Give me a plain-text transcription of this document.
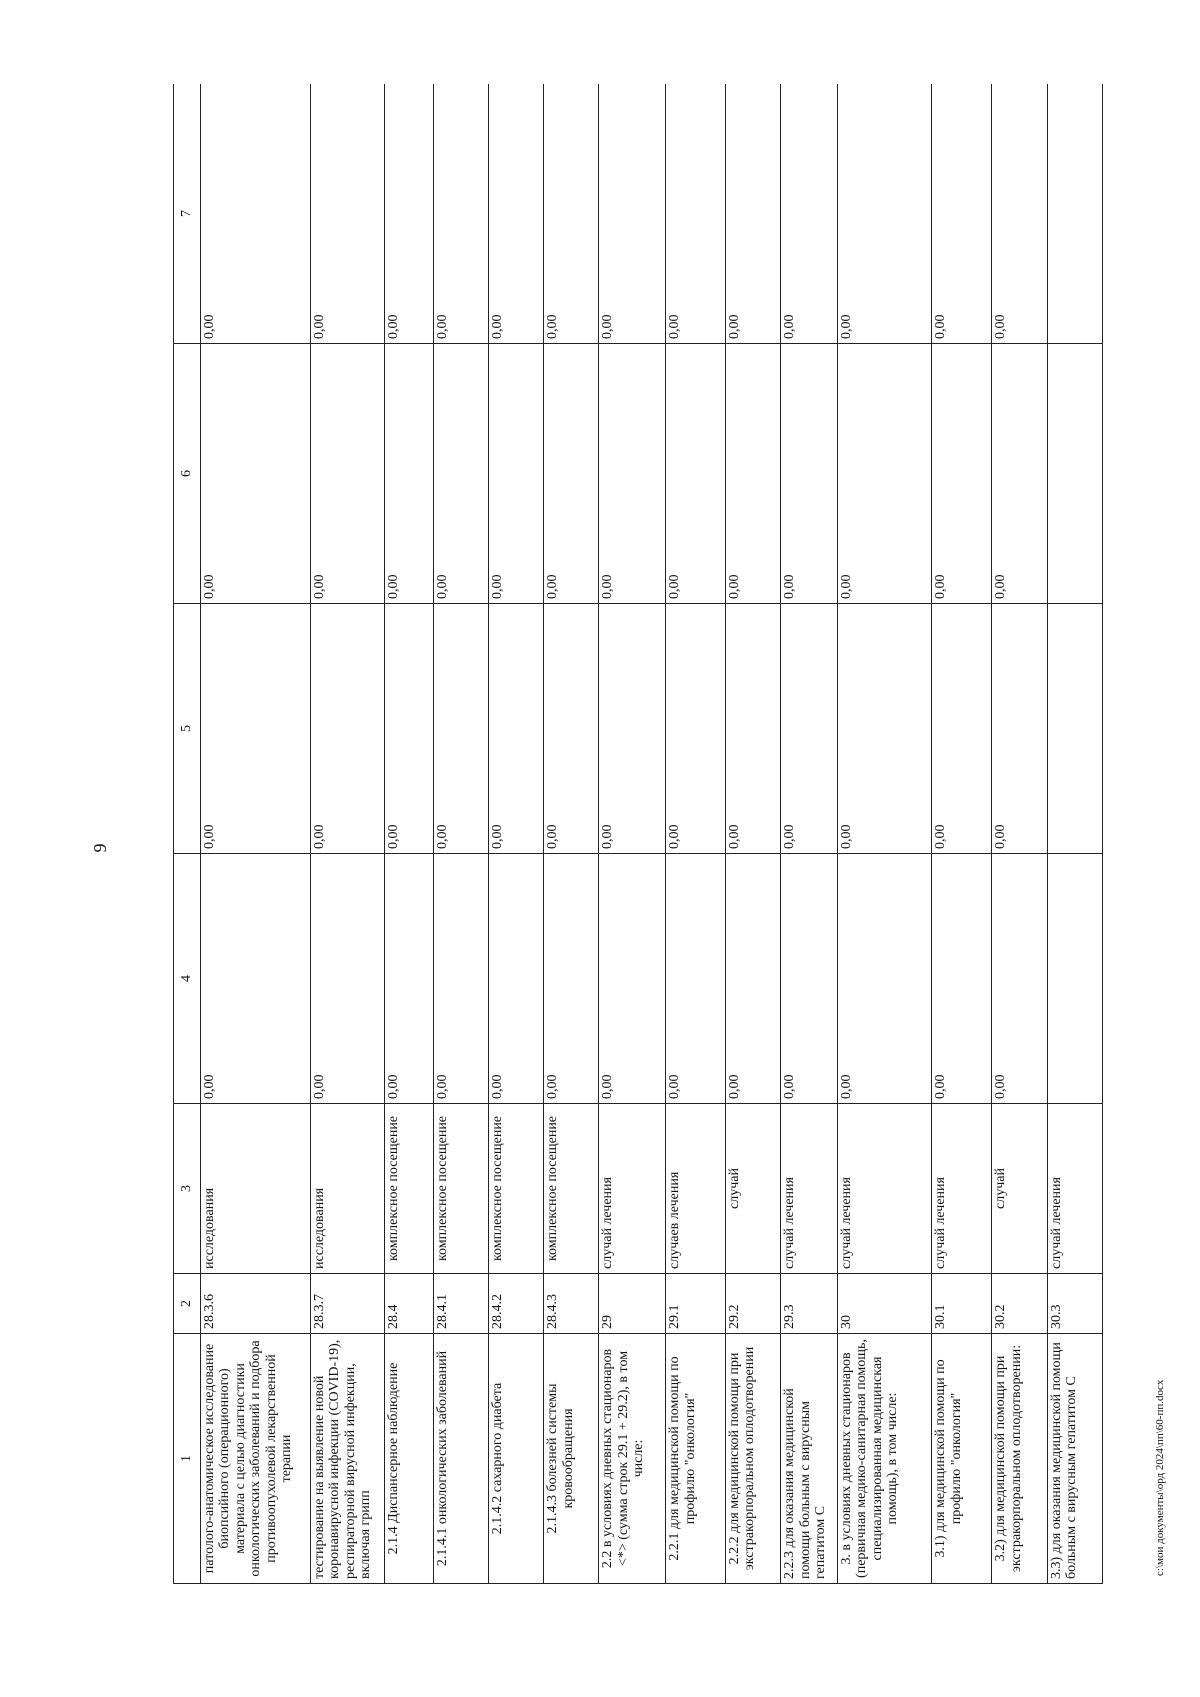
9
1	2	3	4	5	6	7
патолого-анатомическое исследование биопсийного (операционного) материала с целью диагностики онкологических заболеваний и подбора противоопухолевой лекарственной терапии	28.3.6	исследования	0,00	0,00	0,00	0,00
тестирование на выявление новой коронавирусной инфекции (COVID-19), респираторной вирусной инфекции, включая грипп	28.3.7	исследования	0,00	0,00	0,00	0,00
2.1.4 Диспансерное наблюдение	28.4	комплексное посещение	0,00	0,00	0,00	0,00
2.1.4.1 онкологических заболеваний	28.4.1	комплексное посещение	0,00	0,00	0,00	0,00
2.1.4.2 сахарного диабета	28.4.2	комплексное посещение	0,00	0,00	0,00	0,00
2.1.4.3 болезней системы кровообращения	28.4.3	комплексное посещение	0,00	0,00	0,00	0,00
2.2 в условиях дневных стационаров <*> (сумма строк 29.1 + 29.2), в том числе:	29	случай лечения	0,00	0,00	0,00	0,00
2.2.1 для медицинской помощи по профилю "онкология"	29.1	случаев лечения	0,00	0,00	0,00	0,00
2.2.2 для медицинской помощи при экстракорпоральном оплодотворении	29.2	случай	0,00	0,00	0,00	0,00
2.2.3 для оказания медицинской помощи больным с вирусным гепатитом С	29.3	случай лечения	0,00	0,00	0,00	0,00
3. в условиях дневных стационаров (первичная медико-санитарная помощь, специализированная медицинская помощь), в том числе:	30	случай лечения	0,00	0,00	0,00	0,00
3.1) для медицинской помощи по профилю "онкология"	30.1	случай лечения	0,00	0,00	0,00	0,00
3.2) для медицинской помощи при экстракорпоральном оплодотворении:	30.2	случай	0,00	0,00	0,00	0,00
3.3) для оказания медицинской помощи больным с вирусным гепатитом С	30.3	случай лечения				
c:\мои документы\орд 2024\пп\60-пп.docx
